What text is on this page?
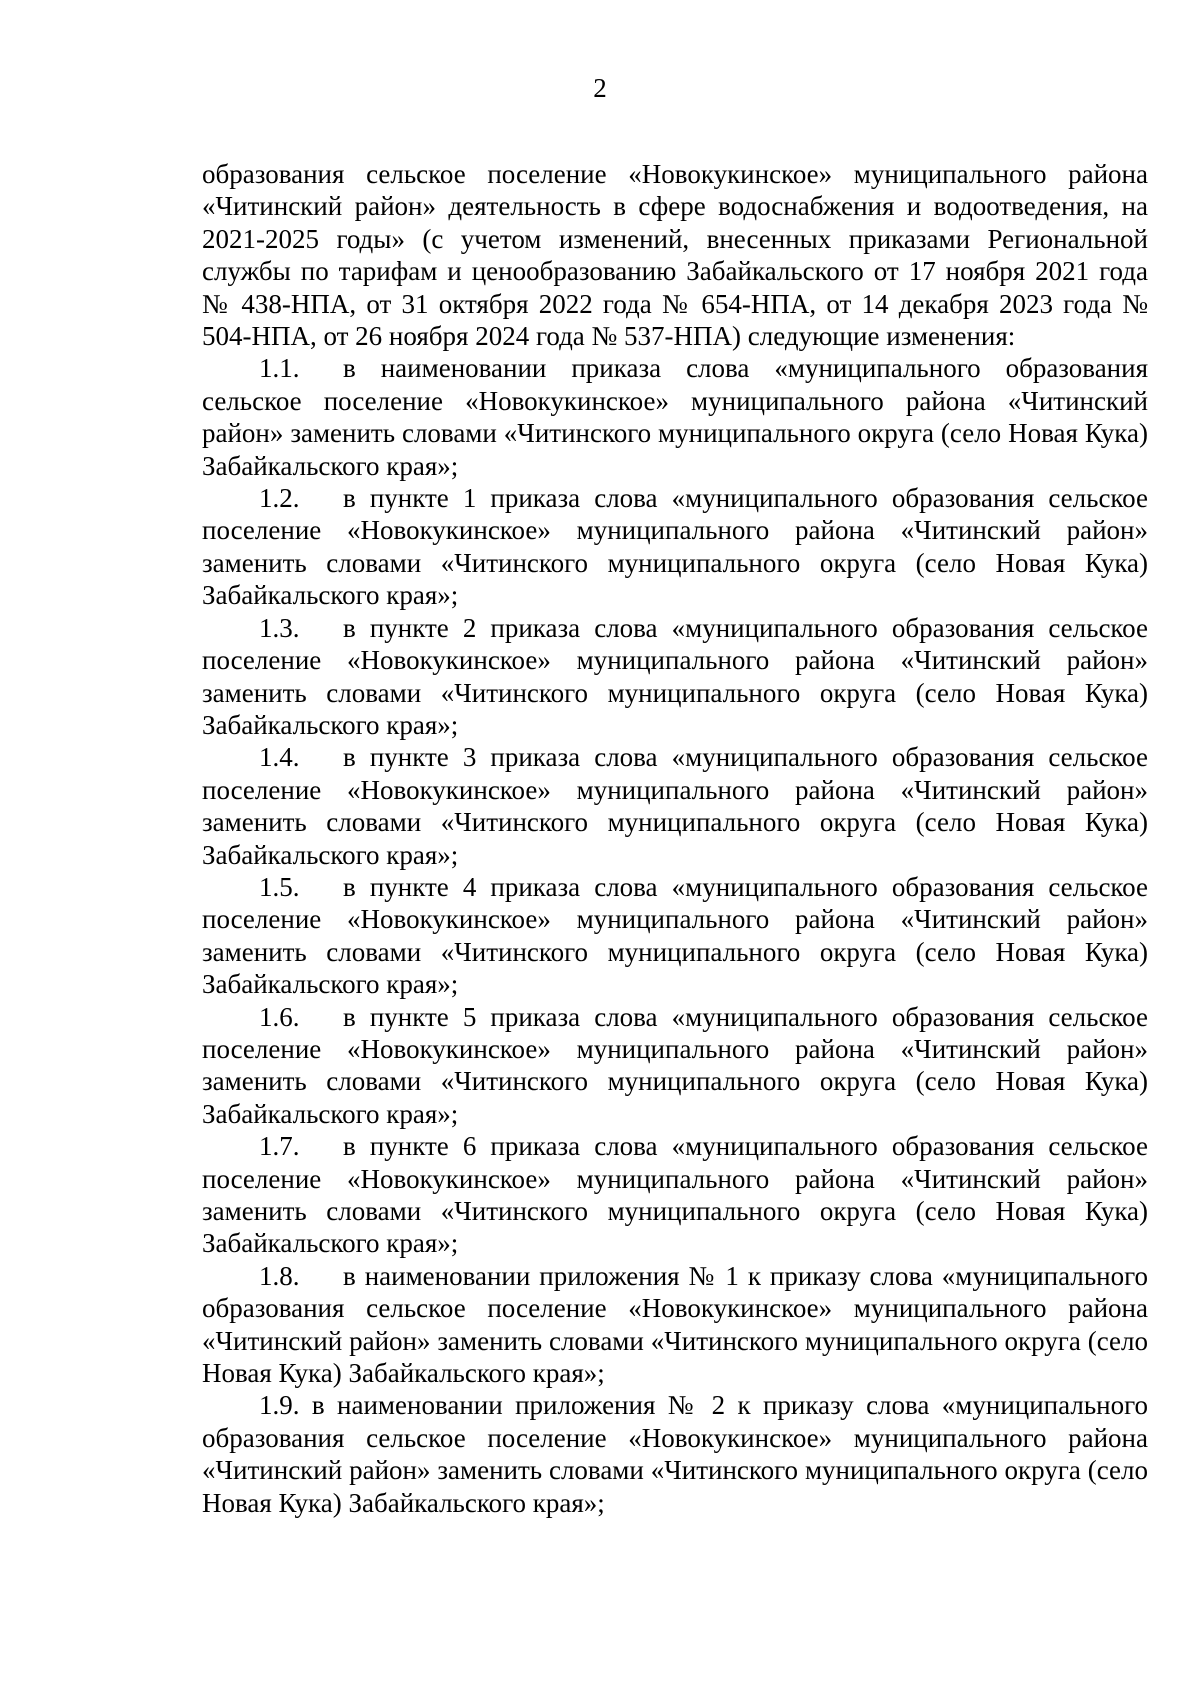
2

образования сельское поселение «Новокукинское» муниципального района «Читинский район» деятельность в сфере водоснабжения и водоотведения, на 2021-2025 годы» (с учетом изменений, внесенных приказами Региональной службы по тарифам и ценообразованию Забайкальского от 17 ноября 2021 года № 438-НПА, от 31 октября 2022 года № 654-НПА, от 14 декабря 2023 года № 504-НПА, от 26 ноября 2024 года № 537-НПА) следующие изменения:

1.1. в наименовании приказа слова «муниципального образования сельское поселение «Новокукинское» муниципального района «Читинский район» заменить словами «Читинского муниципального округа (село Новая Кука) Забайкальского края»;

1.2. в пункте 1 приказа слова «муниципального образования сельское поселение «Новокукинское» муниципального района «Читинский район» заменить словами «Читинского муниципального округа (село Новая Кука) Забайкальского края»;

1.3. в пункте 2 приказа слова «муниципального образования сельское поселение «Новокукинское» муниципального района «Читинский район» заменить словами «Читинского муниципального округа (село Новая Кука) Забайкальского края»;

1.4. в пункте 3 приказа слова «муниципального образования сельское поселение «Новокукинское» муниципального района «Читинский район» заменить словами «Читинского муниципального округа (село Новая Кука) Забайкальского края»;

1.5. в пункте 4 приказа слова «муниципального образования сельское поселение «Новокукинское» муниципального района «Читинский район» заменить словами «Читинского муниципального округа (село Новая Кука) Забайкальского края»;

1.6. в пункте 5 приказа слова «муниципального образования сельское поселение «Новокукинское» муниципального района «Читинский район» заменить словами «Читинского муниципального округа (село Новая Кука) Забайкальского края»;

1.7. в пункте 6 приказа слова «муниципального образования сельское поселение «Новокукинское» муниципального района «Читинский район» заменить словами «Читинского муниципального округа (село Новая Кука) Забайкальского края»;

1.8. в наименовании приложения № 1 к приказу слова «муниципального образования сельское поселение «Новокукинское» муниципального района «Читинский район» заменить словами «Читинского муниципального округа (село Новая Кука) Забайкальского края»;

1.9. в наименовании приложения № 2 к приказу слова «муниципального образования сельское поселение «Новокукинское» муниципального района «Читинский район» заменить словами «Читинского муниципального округа (село Новая Кука) Забайкальского края»;
